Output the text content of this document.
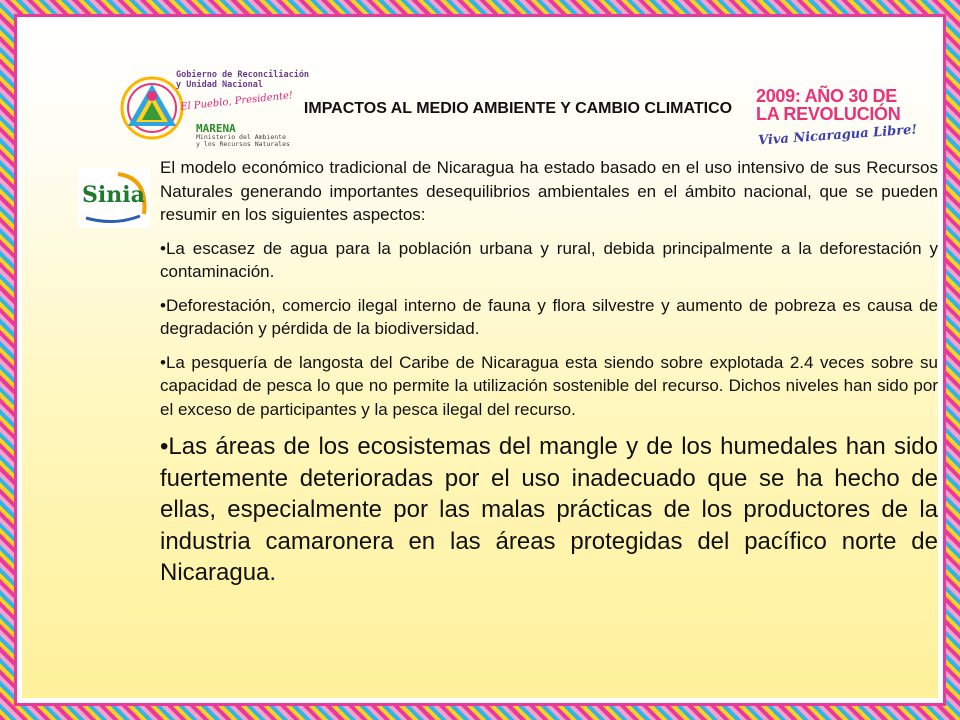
Gobierno de Reconciliación
y Unidad Nacional
El Pueblo, Presidente!
MARENA
Ministerio del Ambiente
y los Recursos Naturales
IMPACTOS AL MEDIO AMBIENTE Y CAMBIO CLIMATICO
2009: AÑO 30 DE
LA REVOLUCIÓN
Viva Nicaragua Libre!
Sinia

El modelo económico tradicional de Nicaragua ha estado basado en el uso intensivo de sus Recursos Naturales generando importantes desequilibrios ambientales en el ámbito nacional, que se pueden resumir en los siguientes aspectos:

•La escasez de agua para la población urbana y rural, debida principalmente a la deforestación y contaminación.

•Deforestación, comercio ilegal interno de fauna y flora silvestre y aumento de pobreza es causa de degradación y pérdida de la biodiversidad.

•La pesquería de langosta del Caribe de Nicaragua esta siendo sobre explotada 2.4 veces sobre su capacidad de pesca lo que no permite la utilización sostenible del recurso. Dichos niveles han sido por el exceso de participantes y la pesca ilegal del recurso.

•Las áreas de los ecosistemas del mangle y de los humedales han sido fuertemente deterioradas por el uso inadecuado que se ha hecho de ellas, especialmente por las malas prácticas de los productores de la industria camaronera en las áreas protegidas del pacífico norte de Nicaragua.
